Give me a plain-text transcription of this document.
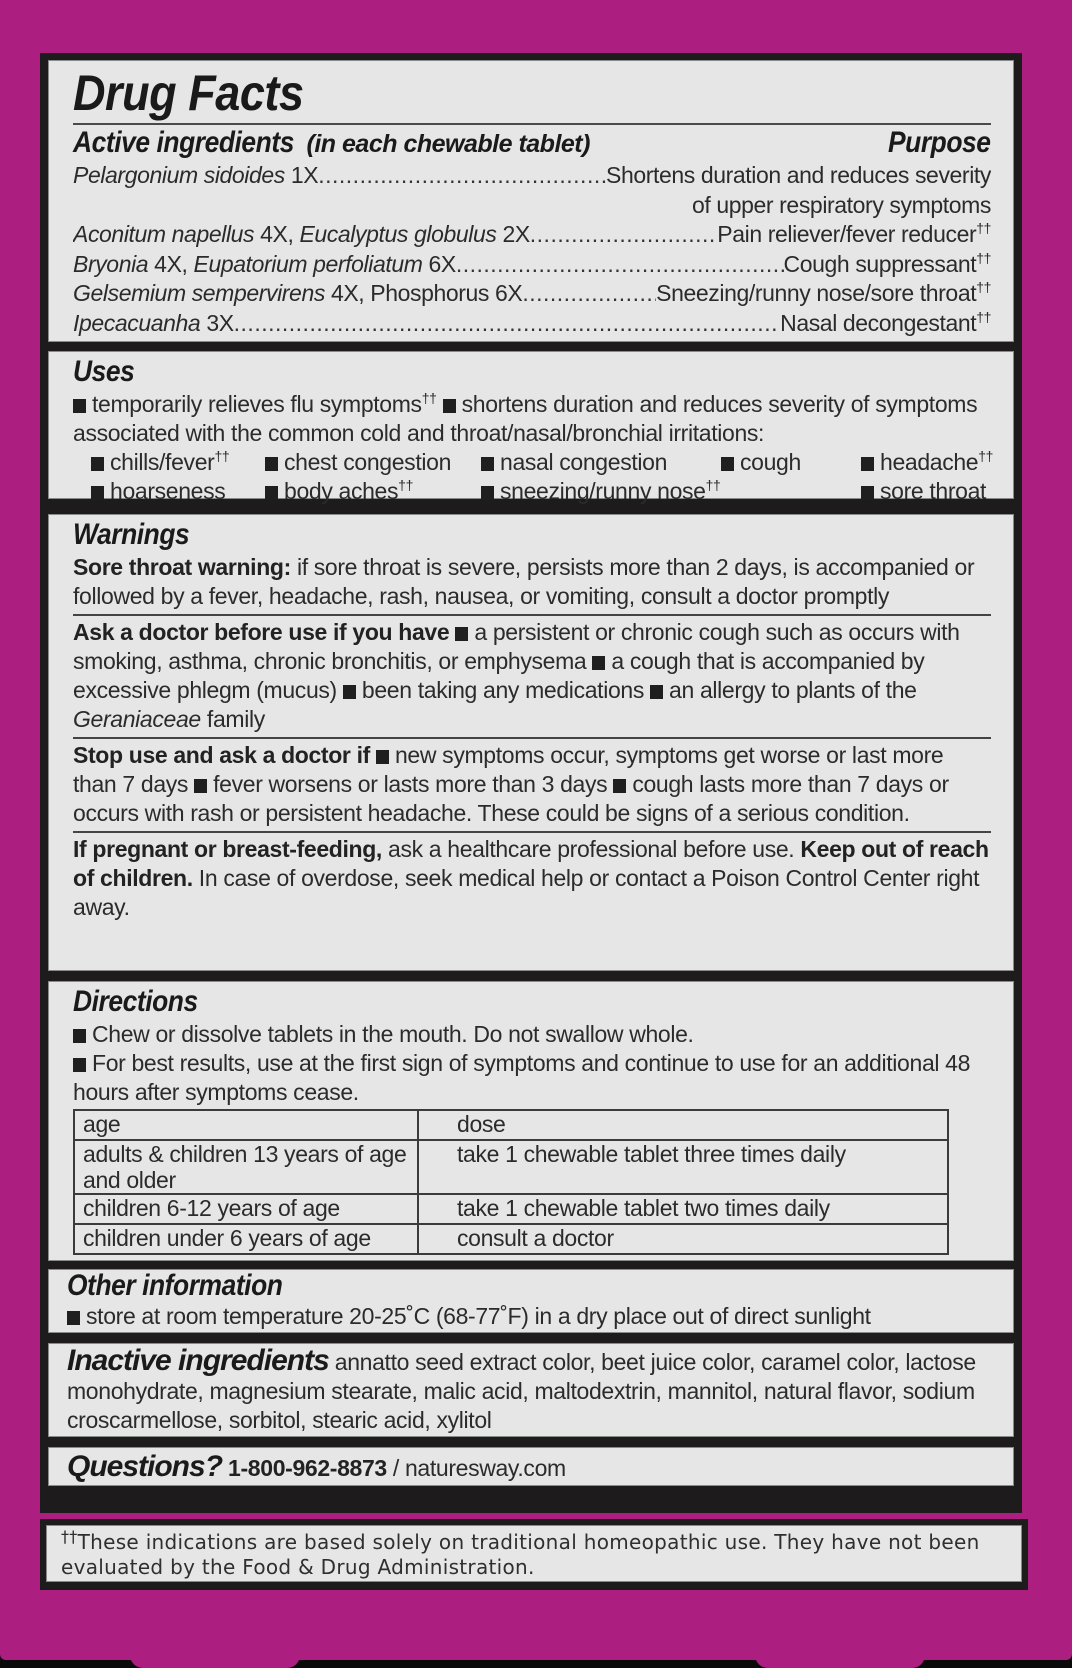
Drug Facts
Active ingredients (in each chewable tablet)	Purpose
Pelargonium sidoides 1X .....	Shortens duration and reduces severity
of upper respiratory symptoms
Aconitum napellus 4X, Eucalyptus globulus 2X .....	Pain reliever/fever reducer††
Bryonia 4X, Eupatorium perfoliatum 6X .....	Cough suppressant††
Gelsemium sempervirens 4X, Phosphorus 6X .....	Sneezing/runny nose/sore throat††
Ipecacuanha 3X .....	Nasal decongestant††
Uses
temporarily relieves flu symptoms†† shortens duration and reduces severity of symptoms associated with the common cold and throat/nasal/bronchial irritations:
chills/fever††	chest congestion	nasal congestion	cough	headache††
hoarseness	body aches††	sneezing/runny nose††	sore throat
Warnings
Sore throat warning: if sore throat is severe, persists more than 2 days, is accompanied or followed by a fever, headache, rash, nausea, or vomiting, consult a doctor promptly
Ask a doctor before use if you have a persistent or chronic cough such as occurs with smoking, asthma, chronic bronchitis, or emphysema a cough that is accompanied by excessive phlegm (mucus) been taking any medications an allergy to plants of the Geraniaceae family
Stop use and ask a doctor if new symptoms occur, symptoms get worse or last more than 7 days fever worsens or lasts more than 3 days cough lasts more than 7 days or occurs with rash or persistent headache. These could be signs of a serious condition.
If pregnant or breast-feeding, ask a healthcare professional before use. Keep out of reach of children. In case of overdose, seek medical help or contact a Poison Control Center right away.
Directions
Chew or dissolve tablets in the mouth. Do not swallow whole.
For best results, use at the first sign of symptoms and continue to use for an additional 48 hours after symptoms cease.
age	dose
adults & children 13 years of age and older	take 1 chewable tablet three times daily
children 6-12 years of age	take 1 chewable tablet two times daily
children under 6 years of age	consult a doctor
Other information
store at room temperature 20-25˚C (68-77˚F) in a dry place out of direct sunlight
Inactive ingredients annatto seed extract color, beet juice color, caramel color, lactose monohydrate, magnesium stearate, malic acid, maltodextrin, mannitol, natural flavor, sodium croscarmellose, sorbitol, stearic acid, xylitol
Questions? 1-800-962-8873 / naturesway.com
††These indications are based solely on traditional homeopathic use. They have not been evaluated by the Food & Drug Administration.
